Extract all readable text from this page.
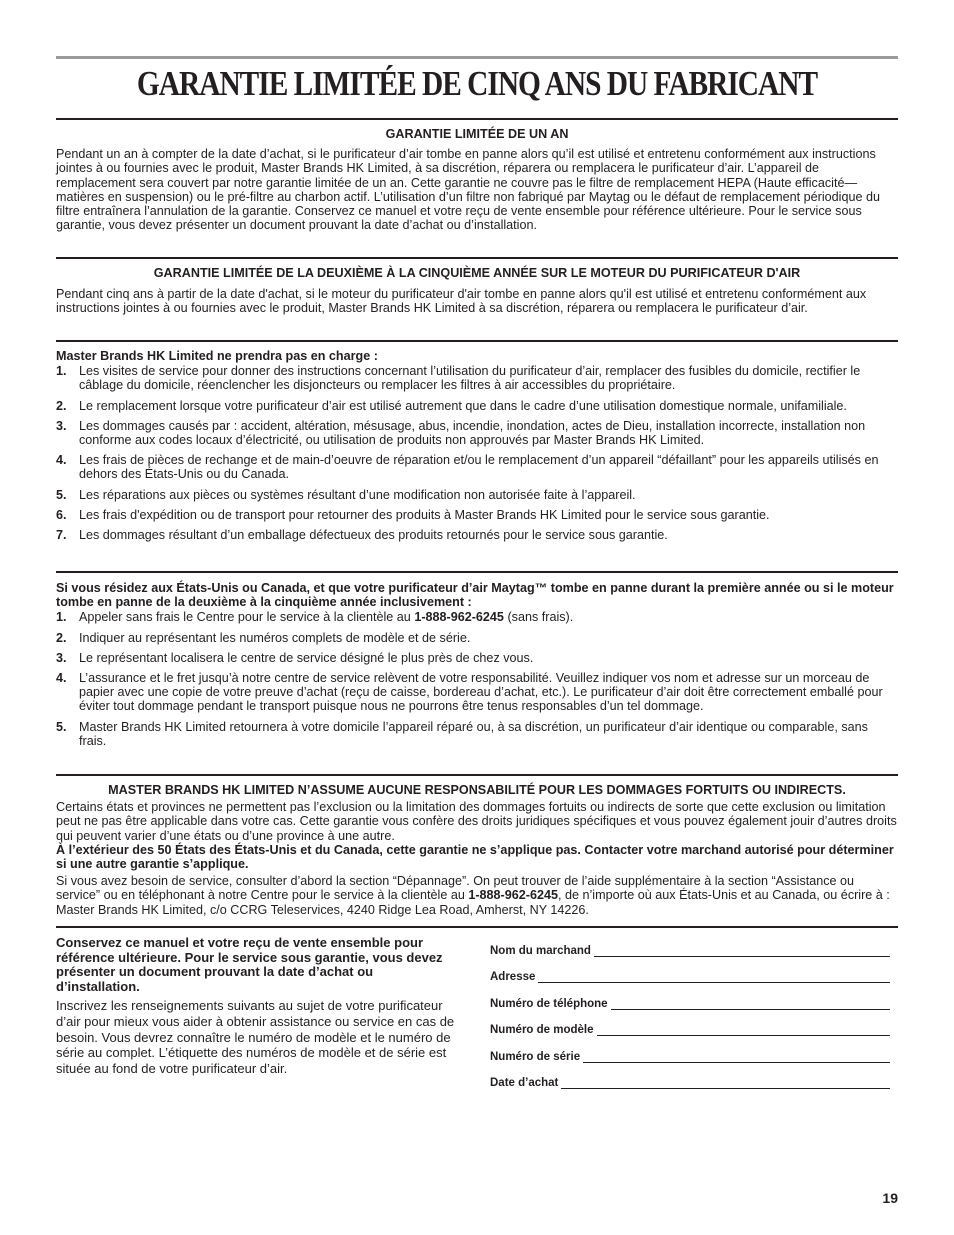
GARANTIE LIMITÉE DE CINQ ANS DU FABRICANT
GARANTIE LIMITÉE DE UN AN

Pendant un an à compter de la date d’achat, si le purificateur d’air tombe en panne alors qu’il est utilisé et entretenu conformément aux instructions jointes à ou fournies avec le produit, Master Brands HK Limited, à sa discrétion, réparera ou remplacera le purificateur d’air. L’appareil de remplacement sera couvert par notre garantie limitée de un an. Cette garantie ne couvre pas le filtre de remplacement HEPA (Haute efficacité—matières en suspension) ou le pré-filtre au charbon actif. L’utilisation d’un filtre non fabriqué par Maytag ou le défaut de remplacement périodique du filtre entraînera l’annulation de la garantie. Conservez ce manuel et votre reçu de vente ensemble pour référence ultérieure. Pour le service sous garantie, vous devez présenter un document prouvant la date d’achat ou d’installation.

GARANTIE LIMITÉE DE LA DEUXIÈME À LA CINQUIÈME ANNÉE SUR LE MOTEUR DU PURIFICATEUR D'AIR

Pendant cinq ans à partir de la date d'achat, si le moteur du purificateur d'air tombe en panne alors qu'il est utilisé et entretenu conformément aux instructions jointes à ou fournies avec le produit, Master Brands HK Limited à sa discrétion, réparera ou remplacera le purificateur d’air.

Master Brands HK Limited ne prendra pas en charge :
1. Les visites de service pour donner des instructions concernant l’utilisation du purificateur d’air, remplacer des fusibles du domicile, rectifier le câblage du domicile, réenclencher les disjoncteurs ou remplacer les filtres à air accessibles du propriétaire.
2. Le remplacement lorsque votre purificateur d’air est utilisé autrement que dans le cadre d’une utilisation domestique normale, unifamiliale.
3. Les dommages causés par : accident, altération, mésusage, abus, incendie, inondation, actes de Dieu, installation incorrecte, installation non conforme aux codes locaux d’électricité, ou utilisation de produits non approuvés par Master Brands HK Limited.
4. Les frais de pièces de rechange et de main-d’oeuvre de réparation et/ou le remplacement d’un appareil “défaillant” pour les appareils utilisés en dehors des États-Unis ou du Canada.
5. Les réparations aux pièces ou systèmes résultant d’une modification non autorisée faite à l’appareil.
6. Les frais d'expédition ou de transport pour retourner des produits à Master Brands HK Limited pour le service sous garantie.
7. Les dommages résultant d’un emballage défectueux des produits retournés pour le service sous garantie.
Si vous résidez aux États-Unis ou Canada, et que votre purificateur d’air Maytag™ tombe en panne durant la première année ou si le moteur tombe en panne de la deuxième à la cinquième année inclusivement :
1. Appeler sans frais le Centre pour le service à la clientèle au 1-888-962-6245 (sans frais).
2. Indiquer au représentant les numéros complets de modèle et de série.
3. Le représentant localisera le centre de service désigné le plus près de chez vous.
4. L’assurance et le fret jusqu’à notre centre de service relèvent de votre responsabilité. Veuillez indiquer vos nom et adresse sur un morceau de papier avec une copie de votre preuve d’achat (reçu de caisse, bordereau d’achat, etc.). Le purificateur d’air doit être correctement emballé pour éviter tout dommage pendant le transport puisque nous ne pourrons être tenus responsables d’un tel dommage.
5. Master Brands HK Limited retournera à votre domicile l’appareil réparé ou, à sa discrétion, un purificateur d’air identique ou comparable, sans frais.
MASTER BRANDS HK LIMITED N’ASSUME AUCUNE RESPONSABILITÉ POUR LES DOMMAGES FORTUITS OU INDIRECTS.

Certains états et provinces ne permettent pas l’exclusion ou la limitation des dommages fortuits ou indirects de sorte que cette exclusion ou limitation peut ne pas être applicable dans votre cas. Cette garantie vous confère des droits juridiques spécifiques et vous pouvez également jouir d’autres droits qui peuvent varier d’une états ou d’une province à une autre.

À l’extérieur des 50 États des États-Unis et du Canada, cette garantie ne s’applique pas. Contacter votre marchand autorisé pour déterminer si une autre garantie s’applique.

Si vous avez besoin de service, consulter d’abord la section “Dépannage”. On peut trouver de l’aide supplémentaire à la section “Assistance ou service” ou en téléphonant à notre Centre pour le service à la clientèle au 1-888-962-6245, de n’importe où aux États-Unis et au Canada, ou écrire à : Master Brands HK Limited, c/o CCRG Teleservices, 4240 Ridge Lea Road, Amherst, NY 14226.

Conservez ce manuel et votre reçu de vente ensemble pour référence ultérieure. Pour le service sous garantie, vous devez présenter un document prouvant la date d’achat ou d’installation.

Inscrivez les renseignements suivants au sujet de votre purificateur d’air pour mieux vous aider à obtenir assistance ou service en cas de besoin. Vous devrez connaître le numéro de modèle et le numéro de série au complet. L’étiquette des numéros de modèle et de série est située au fond de votre purificateur d’air.

Nom du marchand
Adresse
Numéro de téléphone
Numéro de modèle
Numéro de série
Date d’achat
19
